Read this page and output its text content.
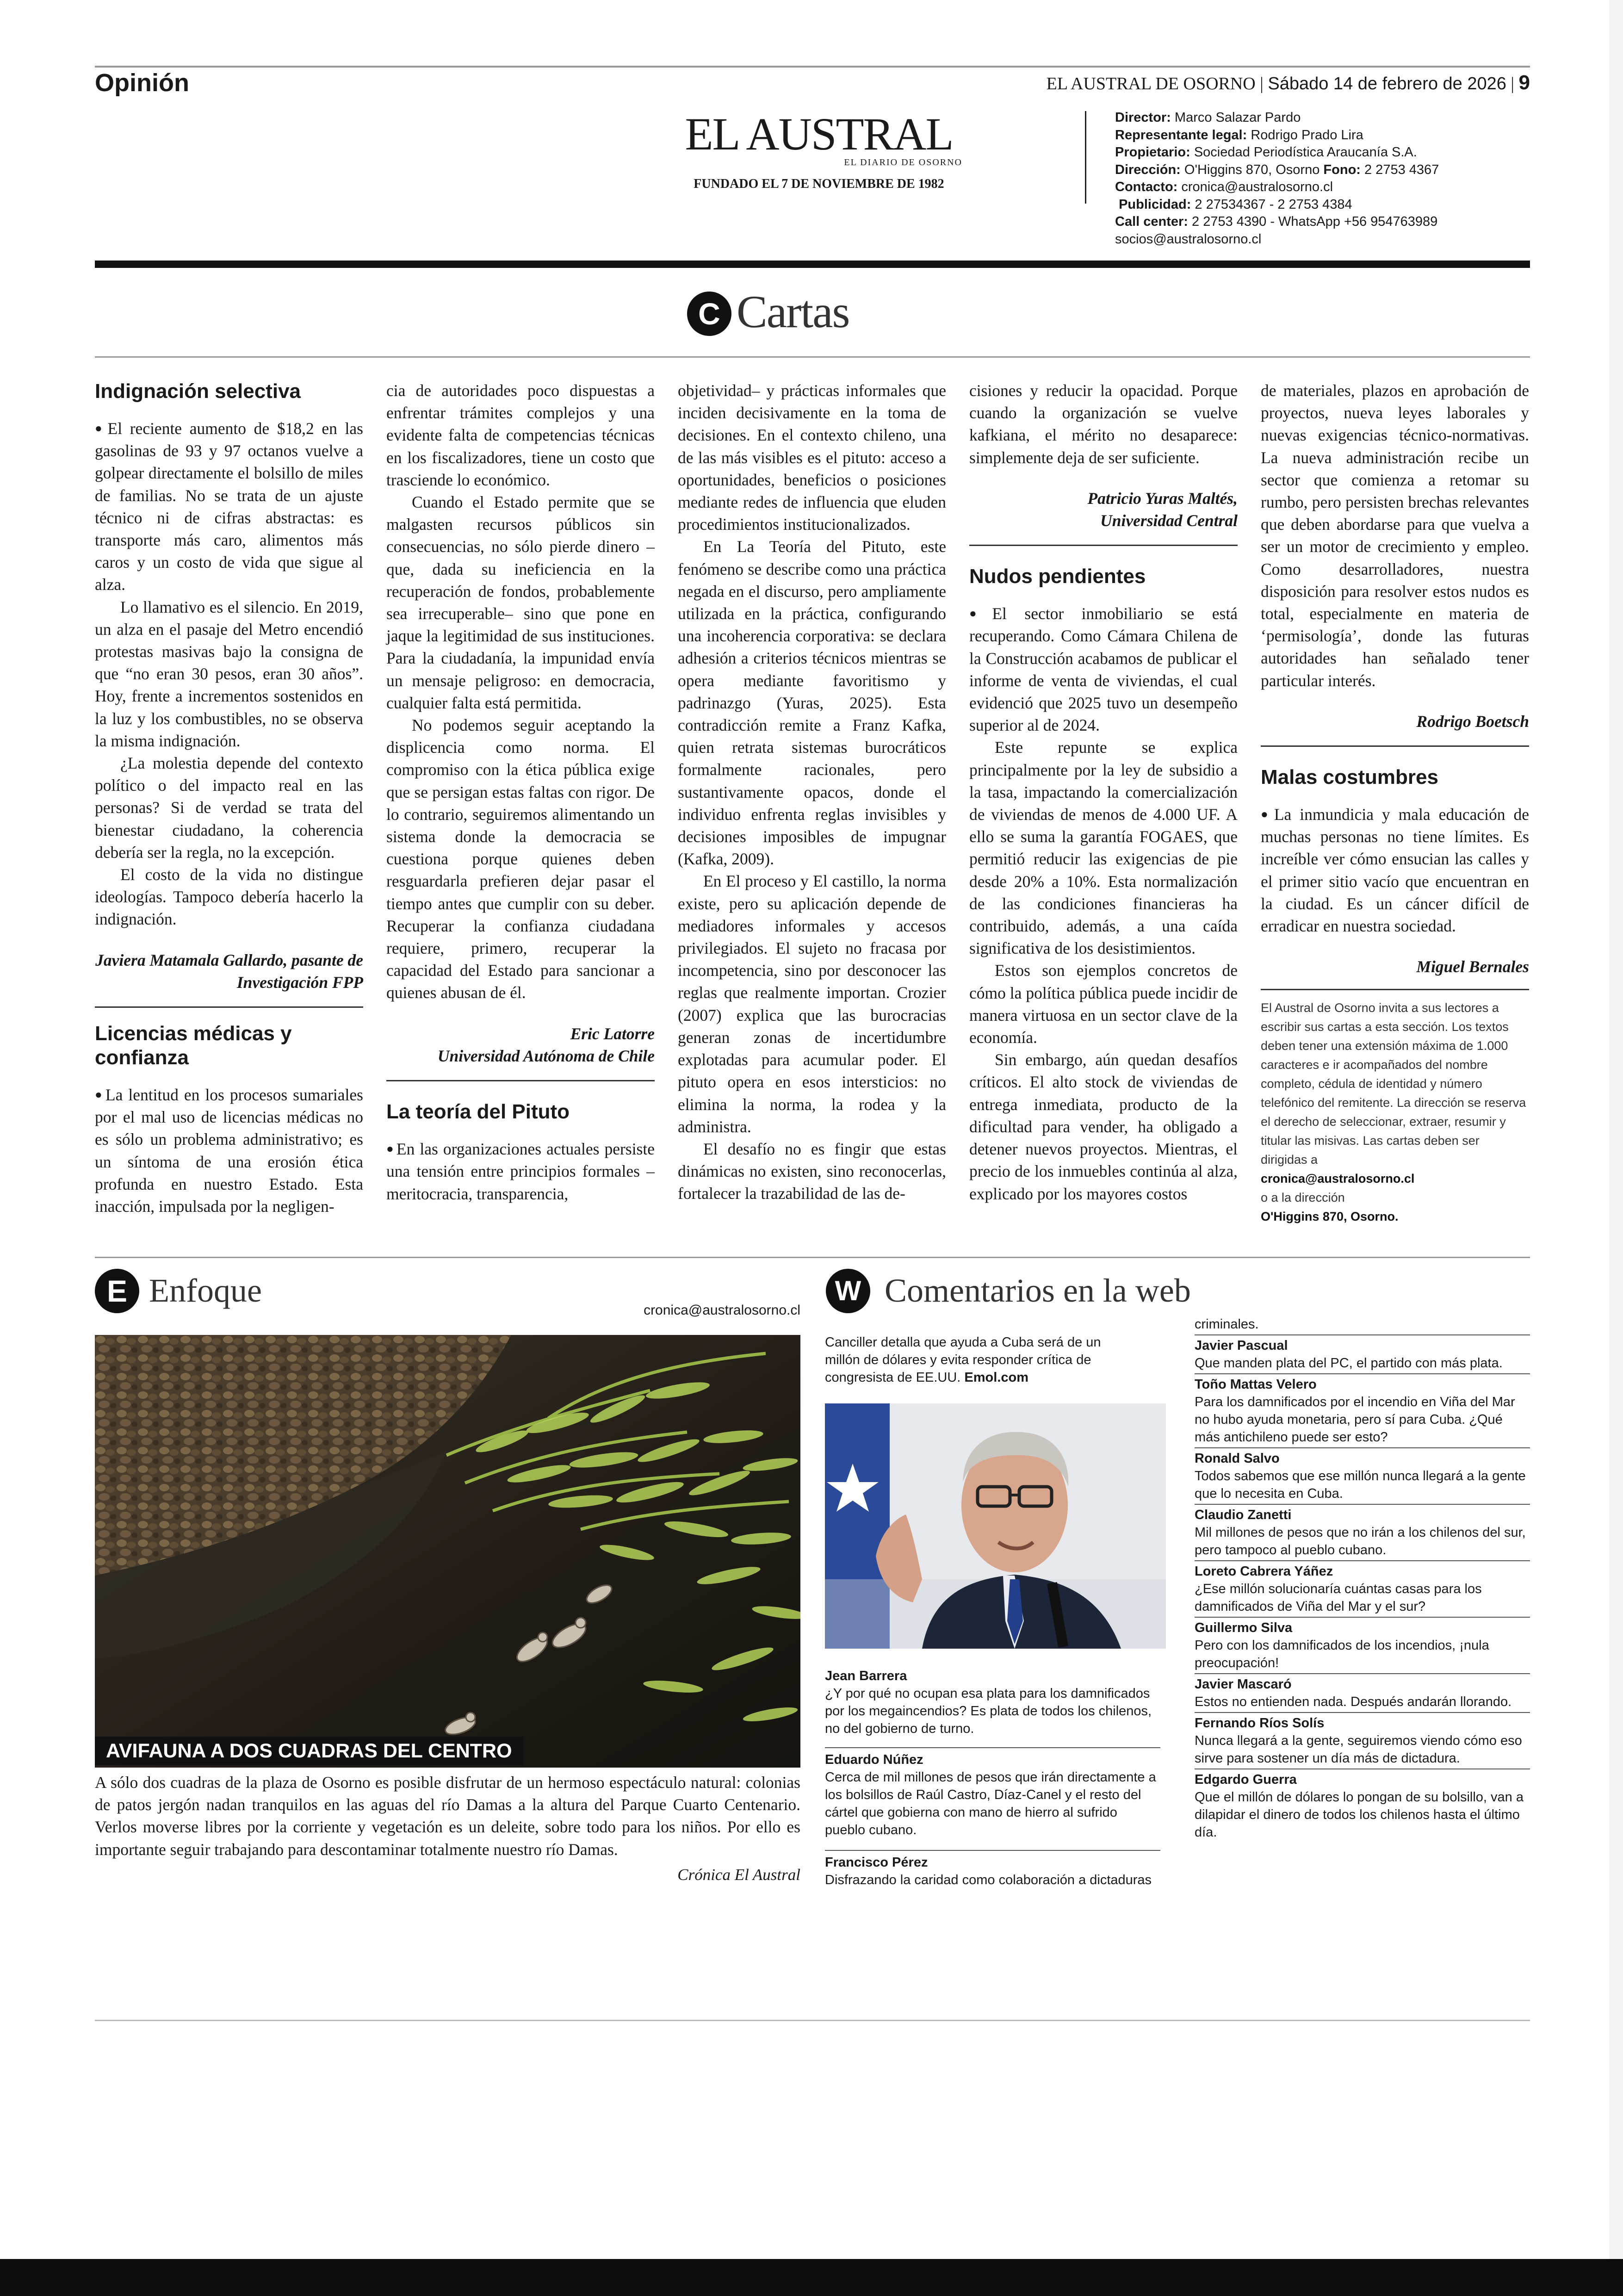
Opinión	EL AUSTRAL DE OSORNO | Sábado 14 de febrero de 2026 | 9
EL AUSTRAL
EL DIARIO DE OSORNO
FUNDADO EL 7 DE NOVIEMBRE DE 1982
Director: Marco Salazar Pardo
Representante legal: Rodrigo Prado Lira
Propietario: Sociedad Periodística Araucanía S.A.
Dirección: O'Higgins 870, Osorno Fono: 2 2753 4367
Contacto: cronica@australosorno.cl
Publicidad: 2 27534367 - 2 2753 4384
Call center: 2 2753 4390 - WhatsApp +56 954763989
socios@australosorno.cl
C Cartas
Indignación selectiva

● El reciente aumento de $18,2 en las gasolinas de 93 y 97 octanos vuelve a golpear directamente el bolsillo de miles de familias. No se trata de un ajuste técnico ni de cifras abstractas: es transporte más caro, alimentos más caros y un costo de vida que sigue al alza.

Lo llamativo es el silencio. En 2019, un alza en el pasaje del Metro encendió protestas masivas bajo la consigna de que “no eran 30 pesos, eran 30 años”. Hoy, frente a incrementos sostenidos en la luz y los combustibles, no se observa la misma indignación.

¿La molestia depende del contexto político o del impacto real en las personas? Si de verdad se trata del bienestar ciudadano, la coherencia debería ser la regla, no la excepción.

El costo de la vida no distingue ideologías. Tampoco debería hacerlo la indignación.

Javiera Matamala Gallardo, pasante de Investigación FPP

Licencias médicas y confianza

● La lentitud en los procesos sumariales por el mal uso de licencias médicas no es sólo un problema administrativo; es un síntoma de una erosión ética profunda en nuestro Estado. Esta inacción, impulsada por la negligen-

cia de autoridades poco dispuestas a enfrentar trámites complejos y una evidente falta de competencias técnicas en los fiscalizadores, tiene un costo que trasciende lo económico.

Cuando el Estado permite que se malgasten recursos públicos sin consecuencias, no sólo pierde dinero –que, dada su ineficiencia en la recuperación de fondos, probablemente sea irrecuperable– sino que pone en jaque la legitimidad de sus instituciones. Para la ciudadanía, la impunidad envía un mensaje peligroso: en democracia, cualquier falta está permitida.

No podemos seguir aceptando la displicencia como norma. El compromiso con la ética pública exige que se persigan estas faltas con rigor. De lo contrario, seguiremos alimentando un sistema donde la democracia se cuestiona porque quienes deben resguardarla prefieren dejar pasar el tiempo antes que cumplir con su deber. Recuperar la confianza ciudadana requiere, primero, recuperar la capacidad del Estado para sancionar a quienes abusan de él.

Eric Latorre

Universidad Autónoma de Chile

La teoría del Pituto

● En las organizaciones actuales persiste una tensión entre principios formales –meritocracia, transparencia,

objetividad– y prácticas informales que inciden decisivamente en la toma de decisiones. En el contexto chileno, una de las más visibles es el pituto: acceso a oportunidades, beneficios o posiciones mediante redes de influencia que eluden procedimientos institucionalizados.

En La Teoría del Pituto, este fenómeno se describe como una práctica negada en el discurso, pero ampliamente utilizada en la práctica, configurando una incoherencia corporativa: se declara adhesión a criterios técnicos mientras se opera mediante favoritismo y padrinazgo (Yuras, 2025). Esta contradicción remite a Franz Kafka, quien retrata sistemas burocráticos formalmente racionales, pero sustantivamente opacos, donde el individuo enfrenta reglas invisibles y decisiones imposibles de impugnar (Kafka, 2009).

En El proceso y El castillo, la norma existe, pero su aplicación depende de mediadores informales y accesos privilegiados. El sujeto no fracasa por incompetencia, sino por desconocer las reglas que realmente importan. Crozier (2007) explica que las burocracias generan zonas de incertidumbre explotadas para acumular poder. El pituto opera en esos intersticios: no elimina la norma, la rodea y la administra.

El desafío no es fingir que estas dinámicas no existen, sino reconocerlas, fortalecer la trazabilidad de las de-

cisiones y reducir la opacidad. Porque cuando la organización se vuelve kafkiana, el mérito no desaparece: simplemente deja de ser suficiente.

Patricio Yuras Maltés,

Universidad Central

Nudos pendientes

● El sector inmobiliario se está recuperando. Como Cámara Chilena de la Construcción acabamos de publicar el informe de venta de viviendas, el cual evidenció que 2025 tuvo un desempeño superior al de 2024.

Este repunte se explica principalmente por la ley de subsidio a la tasa, impactando la comercialización de viviendas de menos de 4.000 UF. A ello se suma la garantía FOGAES, que permitió reducir las exigencias de pie desde 20% a 10%. Esta normalización de las condiciones financieras ha contribuido, además, a una caída significativa de los desistimientos.

Estos son ejemplos concretos de cómo la política pública puede incidir de manera virtuosa en un sector clave de la economía.

Sin embargo, aún quedan desafíos críticos. El alto stock de viviendas de entrega inmediata, producto de la dificultad para vender, ha obligado a detener nuevos proyectos. Mientras, el precio de los inmuebles continúa al alza, explicado por los mayores costos

de materiales, plazos en aprobación de proyectos, nueva leyes laborales y nuevas exigencias técnico-normativas. La nueva administración recibe un sector que comienza a retomar su rumbo, pero persisten brechas relevantes que deben abordarse para que vuelva a ser un motor de crecimiento y empleo. Como desarrolladores, nuestra disposición para resolver estos nudos es total, especialmente en materia de ‘permisología’, donde las futuras autoridades han señalado tener particular interés.

Rodrigo Boetsch

Malas costumbres

● La inmundicia y mala educación de muchas personas no tiene límites. Es increíble ver cómo ensucian las calles y el primer sitio vacío que encuentran en la ciudad. Es un cáncer difícil de erradicar en nuestra sociedad.

Miguel Bernales

El Austral de Osorno invita a sus lectores a escribir sus cartas a esta sección. Los textos deben tener una extensión máxima de 1.000 caracteres e ir acompañados del nombre completo, cédula de identidad y número telefónico del remitente. La dirección se reserva el derecho de seleccionar, extraer, resumir y titular las misivas. Las cartas deben ser dirigidas a
cronica@australosorno.cl
o a la dirección
O'Higgins 870, Osorno.
E Enfoque
cronica@australosorno.cl
AVIFAUNA A DOS CUADRAS DEL CENTRO
A sólo dos cuadras de la plaza de Osorno es posible disfrutar de un hermoso espectáculo natural: colonias de patos jergón nadan tranquilos en las aguas del río Damas a la altura del Parque Cuarto Centenario. Verlos moverse libres por la corriente y vegetación es un deleite, sobre todo para los niños. Por ello es importante seguir trabajando para descontaminar totalmente nuestro río Damas.
Crónica El Austral
W Comentarios en la web
Canciller detalla que ayuda a Cuba será de un millón de dólares y evita responder crítica de congresista de EE.UU. Emol.com
Jean Barrera
¿Y por qué no ocupan esa plata para los damnificados por los megaincendios? Es plata de todos los chilenos, no del gobierno de turno.
Eduardo Núñez
Cerca de mil millones de pesos que irán directamente a los bolsillos de Raúl Castro, Díaz-Canel y el resto del cártel que gobierna con mano de hierro al sufrido pueblo cubano.
Francisco Pérez
Disfrazando la caridad como colaboración a dictaduras
criminales.
Javier Pascual
Que manden plata del PC, el partido con más plata.
Toño Mattas Velero
Para los damnificados por el incendio en Viña del Mar no hubo ayuda monetaria, pero sí para Cuba. ¿Qué más antichileno puede ser esto?
Ronald Salvo
Todos sabemos que ese millón nunca llegará a la gente que lo necesita en Cuba.
Claudio Zanetti
Mil millones de pesos que no irán a los chilenos del sur, pero tampoco al pueblo cubano.
Loreto Cabrera Yáñez
¿Ese millón solucionaría cuántas casas para los damnificados de Viña del Mar y el sur?
Guillermo Silva
Pero con los damnificados de los incendios, ¡nula preocupación!
Javier Mascaró
Estos no entienden nada. Después andarán llorando.
Fernando Ríos Solís
Nunca llegará a la gente, seguiremos viendo cómo eso sirve para sostener un día más de dictadura.
Edgardo Guerra
Que el millón de dólares lo pongan de su bolsillo, van a dilapidar el dinero de todos los chilenos hasta el último día.
